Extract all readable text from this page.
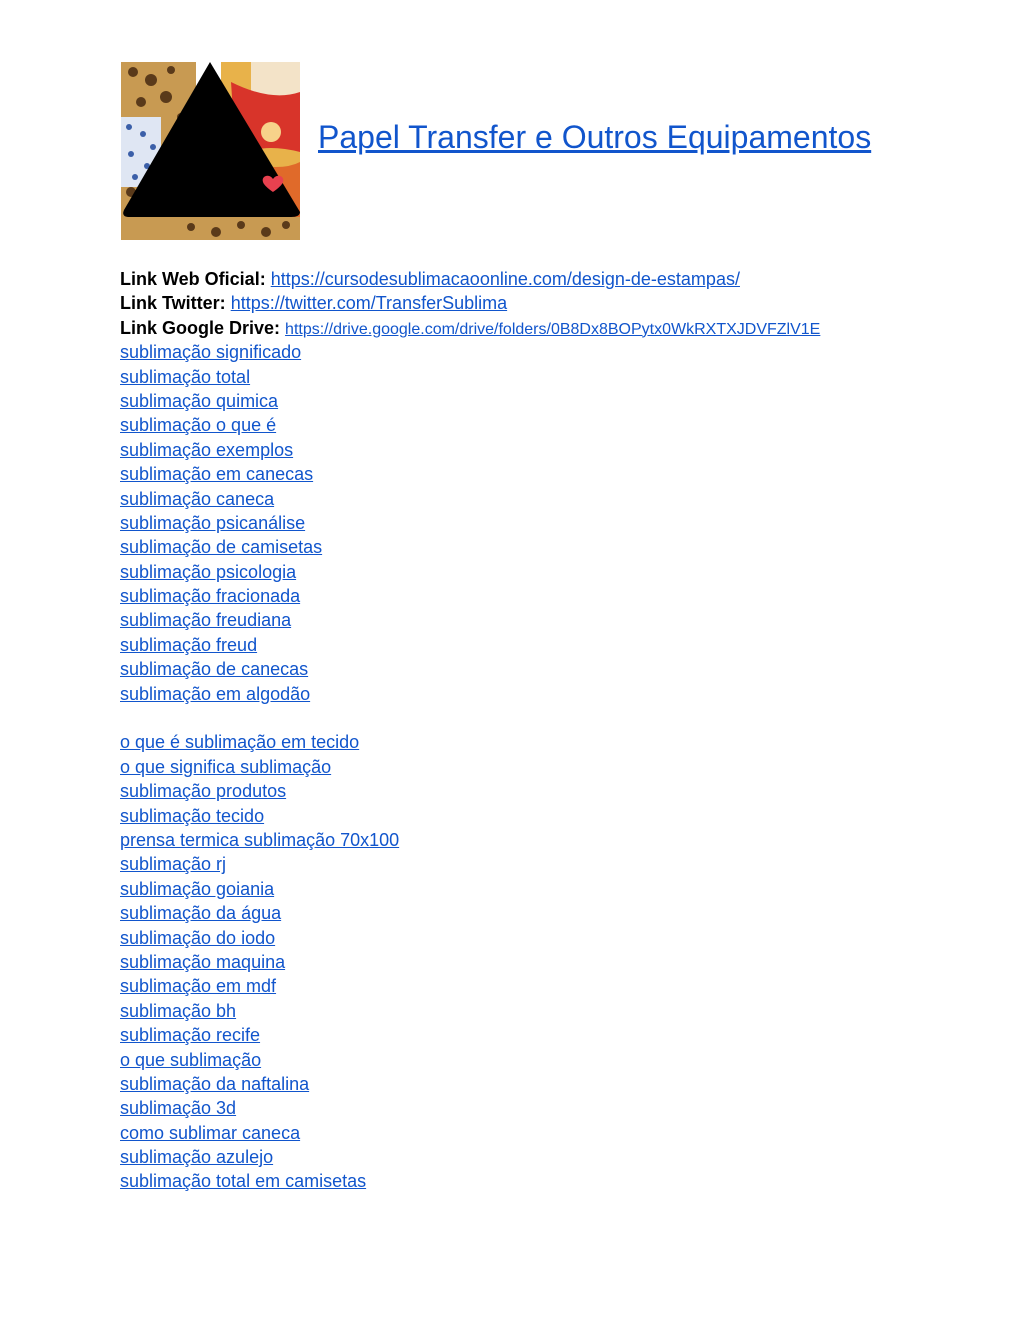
Papel Transfer e Outros Equipamentos
Link Web Oficial: https://cursodesublimacaoonline.com/design-de-estampas/
Link Twitter: https://twitter.com/TransferSublima
Link Google Drive: https://drive.google.com/drive/folders/0B8Dx8BOPytx0WkRXTXJDVFZlV1E
sublimação significado
sublimação total
sublimação quimica
sublimação o que é
sublimação exemplos
sublimação em canecas
sublimação caneca
sublimação psicanálise
sublimação de camisetas
sublimação psicologia
sublimação fracionada
sublimação freudiana
sublimação freud
sublimação de canecas
sublimação em algodão
o que é sublimação em tecido
o que significa sublimação
sublimação produtos
sublimação tecido
prensa termica sublimação 70x100
sublimação rj
sublimação goiania
sublimação da água
sublimação do iodo
sublimação maquina
sublimação em mdf
sublimação bh
sublimação recife
o que sublimação
sublimação da naftalina
sublimação 3d
como sublimar caneca
sublimação azulejo
sublimação total em camisetas
